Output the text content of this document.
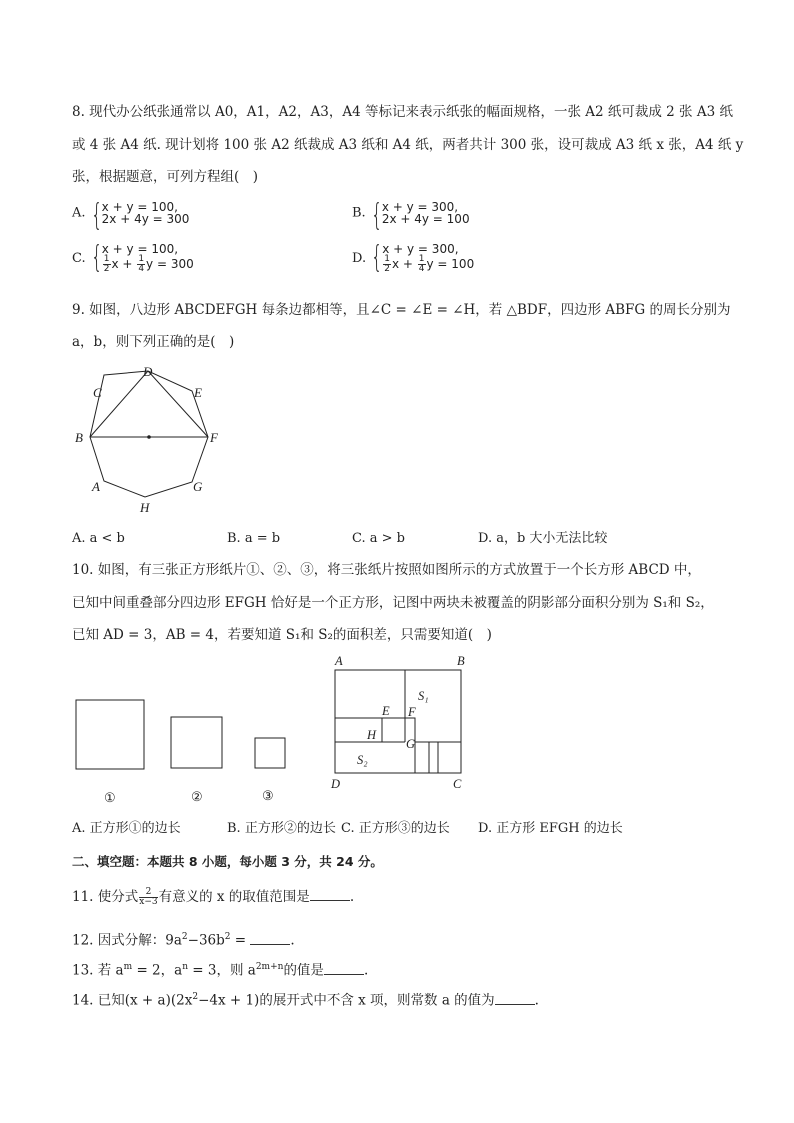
8. 现代办公纸张通常以 A0，A1，A2，A3，A4 等标记来表示纸张的幅面规格，一张 A2 纸可裁成 2 张 A3 纸
或 4 张 A4 纸. 现计划将 100 张 A2 纸裁成 A3 纸和 A4 纸，两者共计 300 张，设可裁成 A3 纸 x 张，A4 纸 y
张，根据题意，可列方程组(　)
A. { x + y = 100,
2x + 4y = 300	B. { x + y = 300,
2x + 4y = 100
C.
{ x + y = 100,
$\frac{1}{2}$ $x + \frac{1}{4}$ y = 300	D.
{ x + y = 300,
$\frac{1}{2}$ $x + \frac{1}{4}$ y = 100
9. 如图，八边形 ABCDEFGH 每条边都相等，且∠C = ∠E = ∠H，若 △BDF，四边形 ABFG 的周长分别为
a，b，则下列正确的是(　)
C
D
E
B	F
A	G
H
A. a < b	B. a = b	C. a > b	D. a，b 大小无法比较
10. 如图，有三张正方形纸片①、②、③，将三张纸片按照如图所示的方式放置于一个长方形 ABCD 中，
已知中间重叠部分四边形 EFGH 恰好是一个正方形，记图中两块未被覆盖的阴影部分面积分别为 S₁和 S₂，
已知 AD = 3，AB = 4，若要知道 S₁和 S₂的面积差，只需要知道(　)
①	②	③
A	B
D	C
E F
G
H
S₁
S₂
A. 正方形①的边长	B. 正方形②的边长 C. 正方形③的边长 D. 正方形 EFGH 的边长
二、填空题：本题共 8 小题，每小题 3 分，共 24 分。
11. 使分式 $\frac{2}{x-3}$ 有意义的 x 的取值范围是	.
12. 因式分解：$9a^2-36b^2$ =	.
13. 若 $a^m = 2$，$a^n = 3$，则 $a^{2m+n}$的值是	.
14. 已知$(x + a)(2x^2-4x + 1)$的展开式中不含 x 项，则常数 a 的值为	.
